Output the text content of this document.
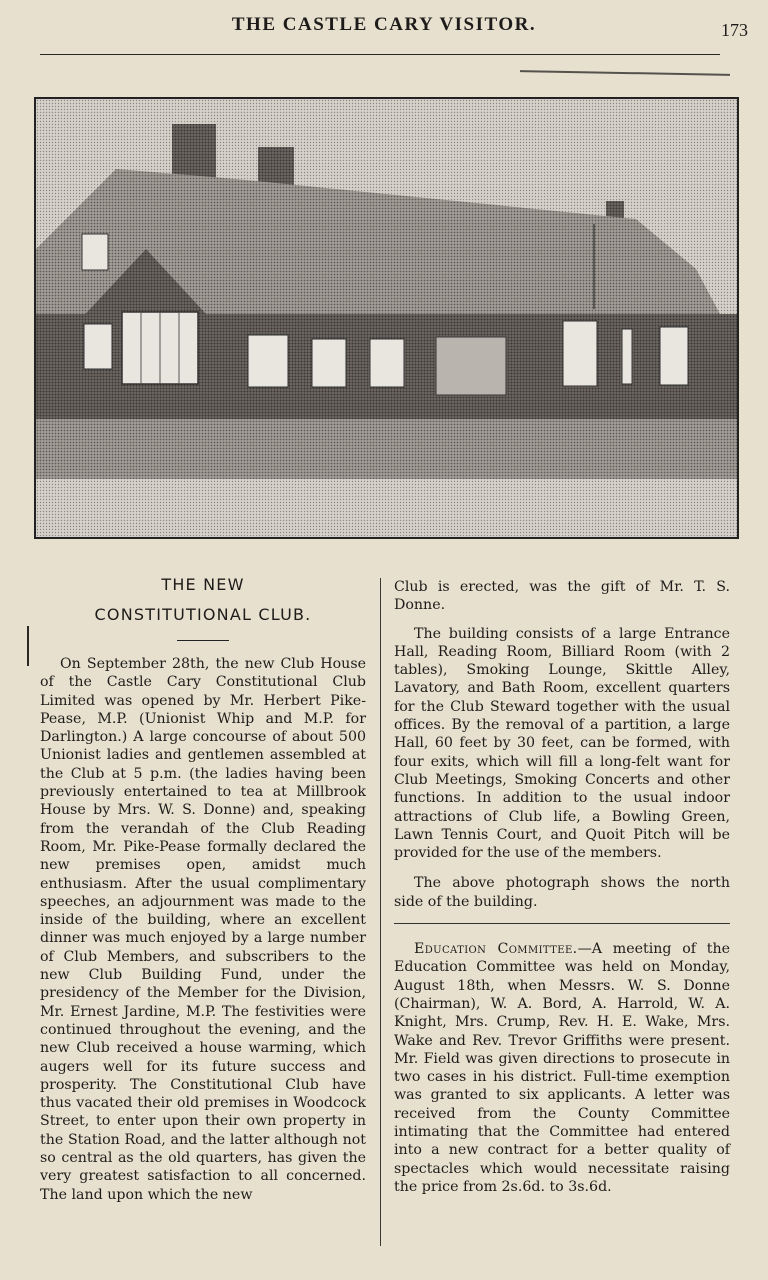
THE CASTLE CARY VISITOR.	173
THE NEW
CONSTITUTIONAL CLUB.

On September 28th, the new Club House of the Castle Cary Constitutional Club Limited was opened by Mr. Herbert Pike-Pease, M.P. (Unionist Whip and M.P. for Darlington.) A large concourse of about 500 Unionist ladies and gentlemen assembled at the Club at 5 p.m. (the ladies having been previously entertained to tea at Millbrook House by Mrs. W. S. Donne) and, speaking from the verandah of the Club Reading Room, Mr. Pike-Pease formally declared the new premises open, amidst much enthusiasm. After the usual complimentary speeches, an adjournment was made to the inside of the building, where an excellent dinner was much enjoyed by a large number of Club Members, and subscribers to the new Club Building Fund, under the presidency of the Member for the Division, Mr. Ernest Jardine, M.P. The festivities were continued throughout the evening, and the new Club received a house warming, which augers well for its future success and prosperity. The Constitutional Club have thus vacated their old premises in Woodcock Street, to enter upon their own property in the Station Road, and the latter although not so central as the old quarters, has given the very greatest satisfaction to all concerned. The land upon which the new

Club is erected, was the gift of Mr. T. S. Donne.

The building consists of a large Entrance Hall, Reading Room, Billiard Room (with 2 tables), Smoking Lounge, Skittle Alley, Lavatory, and Bath Room, excellent quarters for the Club Steward together with the usual offices. By the removal of a partition, a large Hall, 60 feet by 30 feet, can be formed, with four exits, which will fill a long-felt want for Club Meetings, Smoking Concerts and other functions. In addition to the usual indoor attractions of Club life, a Bowling Green, Lawn Tennis Court, and Quoit Pitch will be provided for the use of the members.

The above photograph shows the north side of the building.

Education Committee.—A meeting of the Education Committee was held on Monday, August 18th, when Messrs. W. S. Donne (Chairman), W. A. Bord, A. Harrold, W. A. Knight, Mrs. Crump, Rev. H. E. Wake, Mrs. Wake and Rev. Trevor Griffiths were present. Mr. Field was given directions to prosecute in two cases in his district. Full-time exemption was granted to six applicants. A letter was received from the County Committee intimating that the Committee had entered into a new contract for a better quality of spectacles which would necessitate raising the price from 2s.6d. to 3s.6d.
